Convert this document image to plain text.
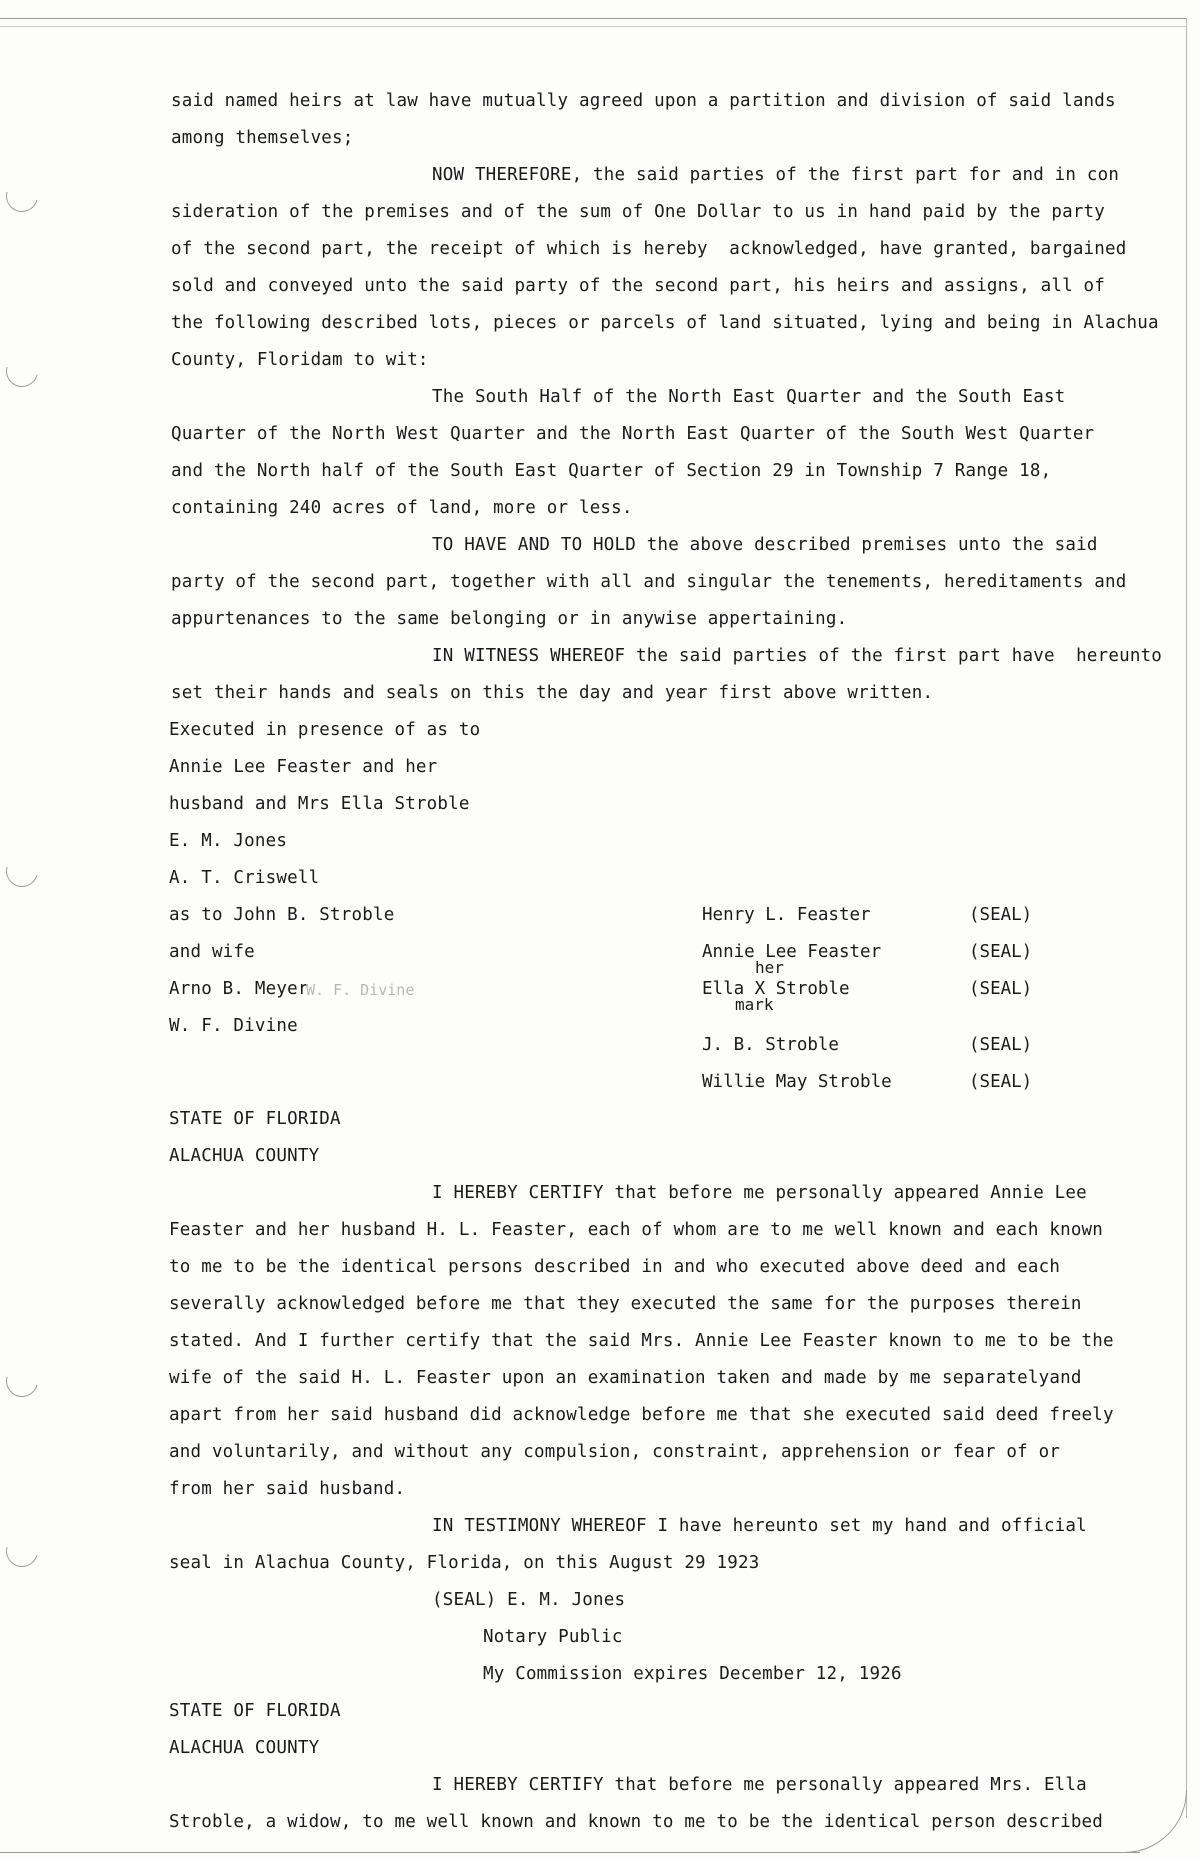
said named heirs at law have mutually agreed upon a partition and division of said lands
among themselves;
NOW THEREFORE, the said parties of the first part for and in con
sideration of the premises and of the sum of One Dollar to us in hand paid by the party
of the second part, the receipt of which is hereby  acknowledged, have granted, bargained
sold and conveyed unto the said party of the second part, his heirs and assigns, all of
the following described lots, pieces or parcels of land situated, lying and being in Alachua
County, Floridam to wit:
The South Half of the North East Quarter and the South East
Quarter of the North West Quarter and the North East Quarter of the South West Quarter
and the North half of the South East Quarter of Section 29 in Township 7 Range 18,
containing 240 acres of land, more or less.
TO HAVE AND TO HOLD the above described premises unto the said
party of the second part, together with all and singular the tenements, hereditaments and
appurtenances to the same belonging or in anywise appertaining.
IN WITNESS WHEREOF the said parties of the first part have  hereunto
set their hands and seals on this the day and year first above written.
Executed in presence of as to
Annie Lee Feaster and her
husband and Mrs Ella Stroble
E. M. Jones
A. T. Criswell
as to John B. Stroble
and wife
Arno B. Meyer
W. F. Divine
W. F. Divine
Henry L. Feaster	(SEAL)
Annie Lee Feaster	(SEAL)
her
Ella X Stroble	(SEAL)
mark
J. B. Stroble	(SEAL)
Willie May Stroble	(SEAL)
STATE OF FLORIDA
ALACHUA COUNTY
I HEREBY CERTIFY that before me personally appeared Annie Lee
Feaster and her husband H. L. Feaster, each of whom are to me well known and each known
to me to be the identical persons described in and who executed above deed and each
severally acknowledged before me that they executed the same for the purposes therein
stated. And I further certify that the said Mrs. Annie Lee Feaster known to me to be the
wife of the said H. L. Feaster upon an examination taken and made by me separatelyand
apart from her said husband did acknowledge before me that she executed said deed freely
and voluntarily, and without any compulsion, constraint, apprehension or fear of or
from her said husband.
IN TESTIMONY WHEREOF I have hereunto set my hand and official
seal in Alachua County, Florida, on this August 29 1923
(SEAL) E. M. Jones
Notary Public
My Commission expires December 12, 1926
STATE OF FLORIDA
ALACHUA COUNTY
I HEREBY CERTIFY that before me personally appeared Mrs. Ella
Stroble, a widow, to me well known and known to me to be the identical person described
